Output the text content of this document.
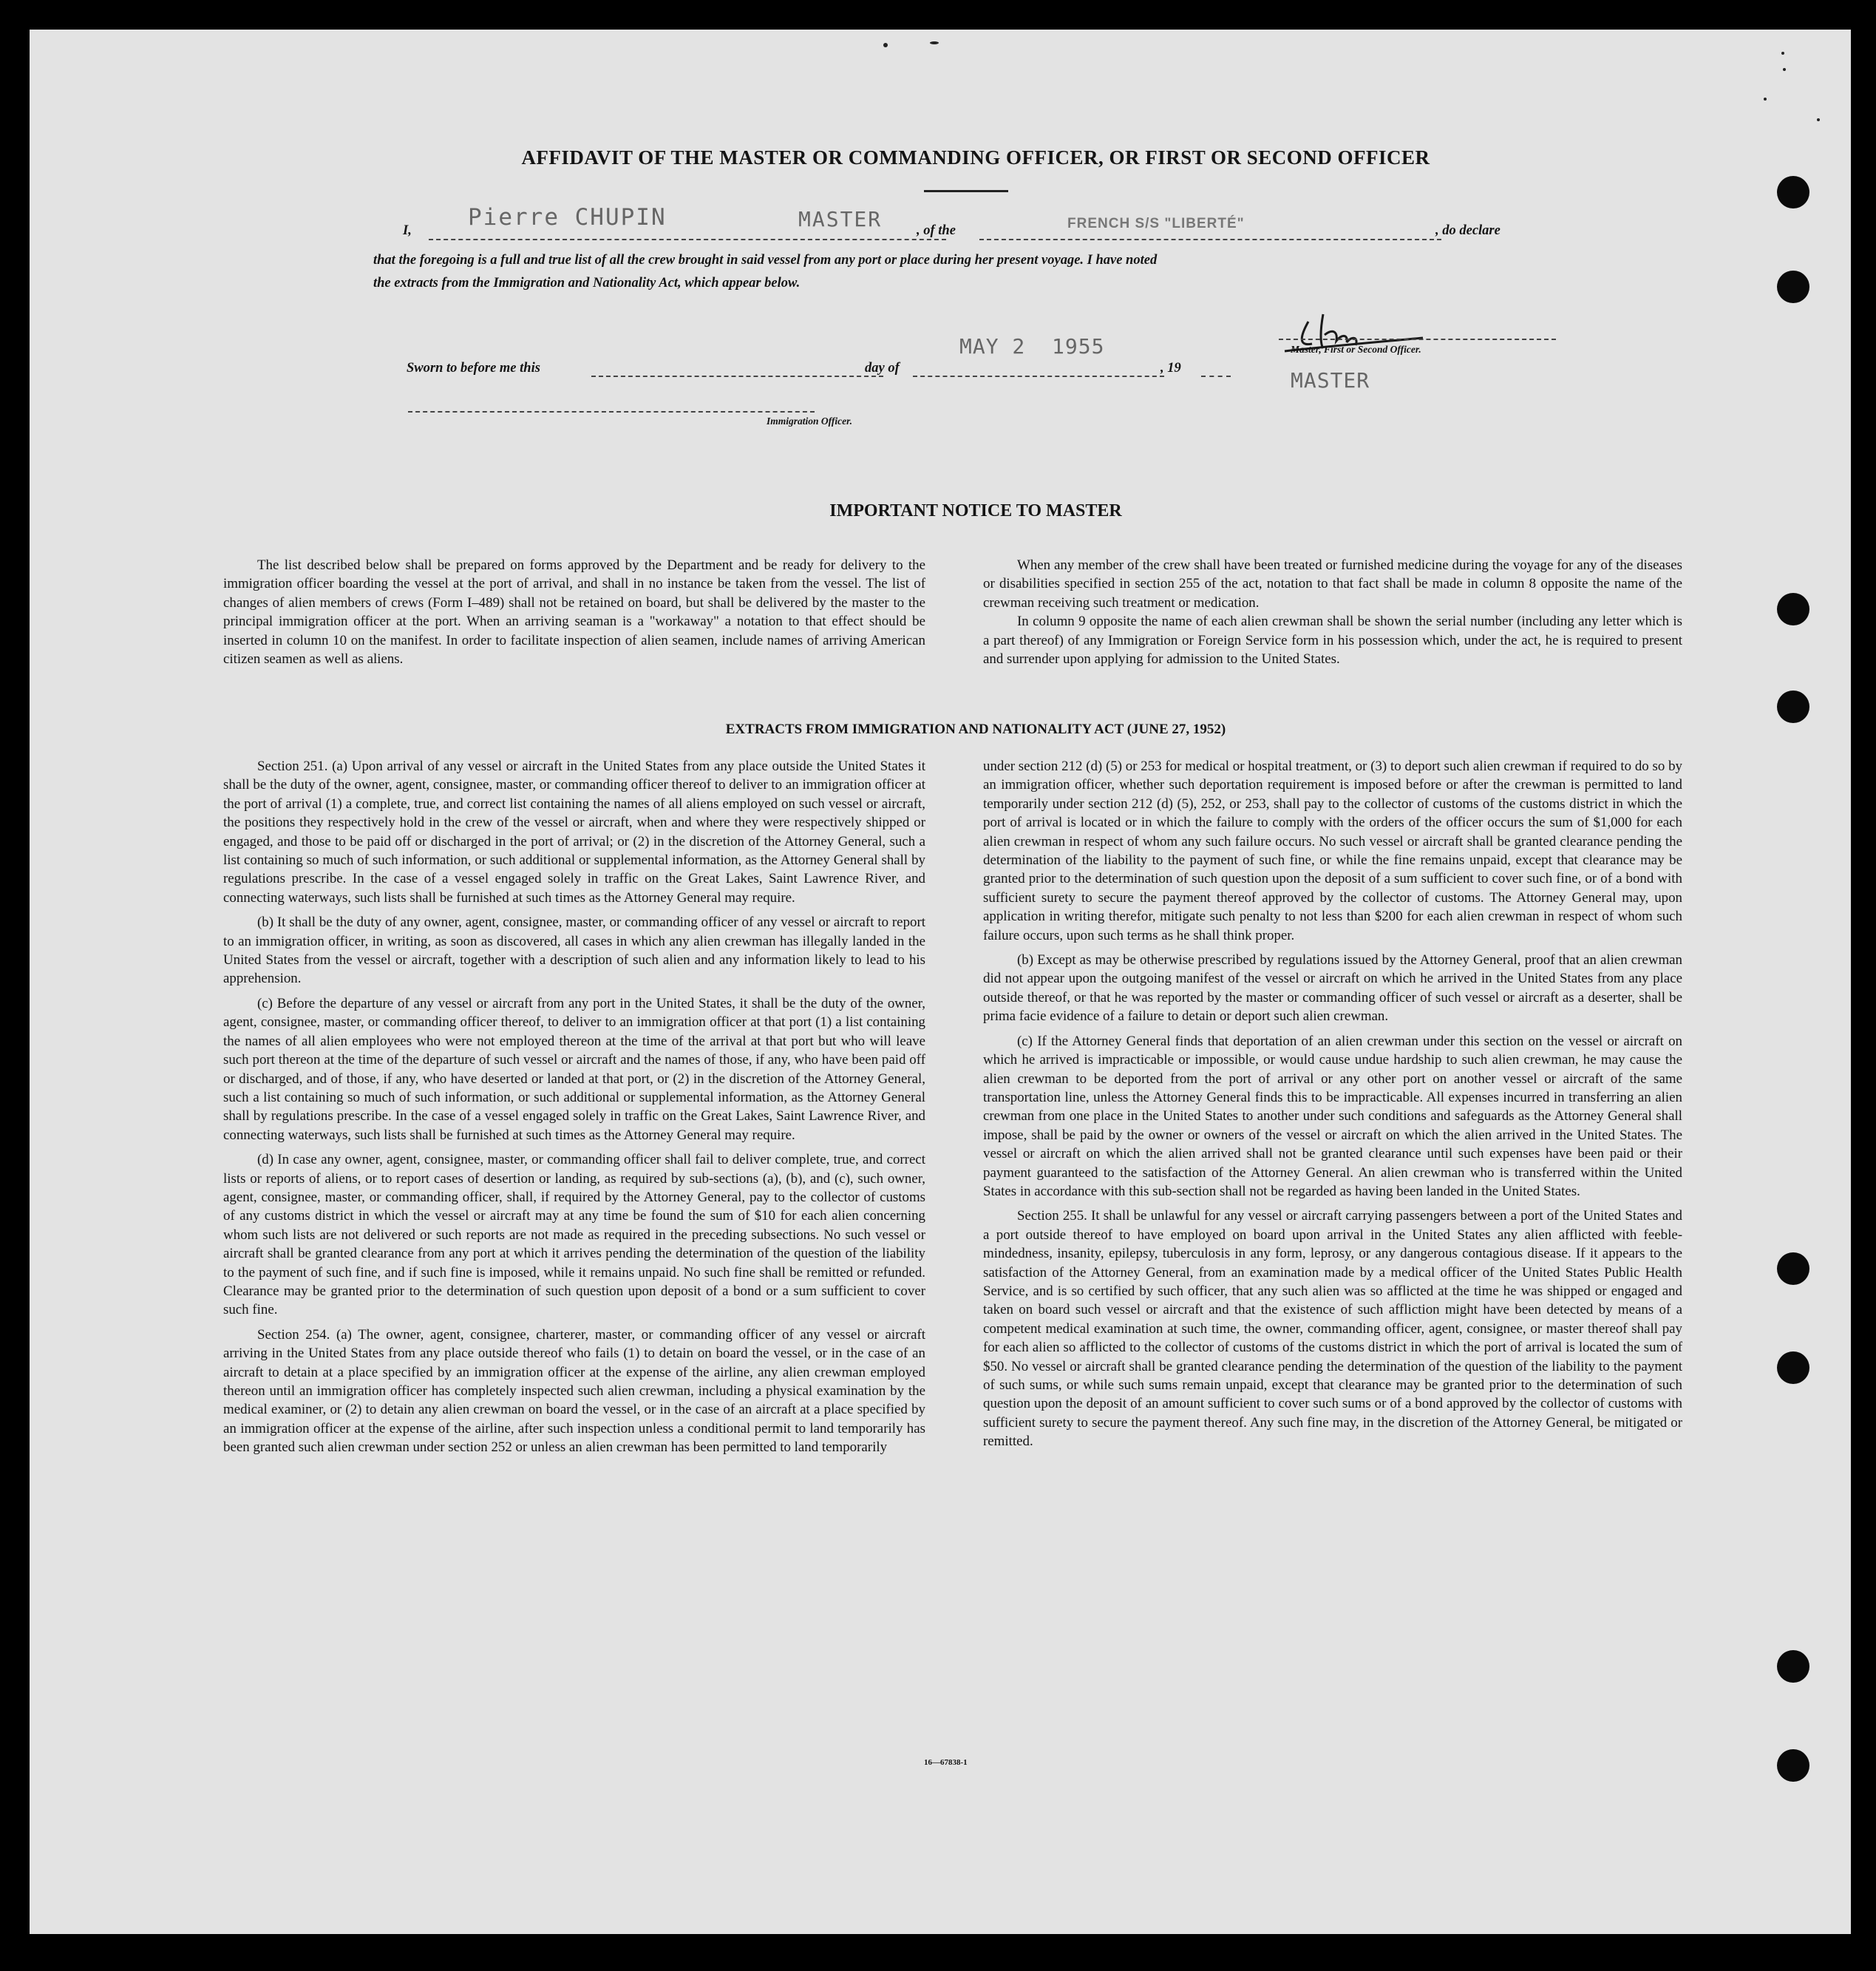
AFFIDAVIT OF THE MASTER OR COMMANDING OFFICER, OR FIRST OR SECOND OFFICER
I, Pierre CHUPIN	MASTER	, of the	FRENCH S/S "LIBERTÉ"	, do declare
that the foregoing is a full and true list of all the crew brought in said vessel from any port or place during her present voyage. I have noted
the extracts from the Immigration and Nationality Act, which appear below.
Master, First or Second Officer.
MASTER
Sworn to before me this	day of
MAY 2  1955
, 19
Immigration Officer.
IMPORTANT NOTICE TO MASTER

The list described below shall be prepared on forms approved by the Department and be ready for delivery to the immigration officer boarding the vessel at the port of arrival, and shall in no instance be taken from the vessel. The list of changes of alien members of crews (Form I–489) shall not be retained on board, but shall be delivered by the master to the principal immigration officer at the port. When an arriving seaman is a "workaway" a notation to that effect should be inserted in column 10 on the manifest. In order to facilitate inspection of alien seamen, include names of arriving American citizen seamen as well as aliens.

When any member of the crew shall have been treated or furnished medicine during the voyage for any of the diseases or disabilities specified in section 255 of the act, notation to that fact shall be made in column 8 opposite the name of the crewman receiving such treatment or medication.

In column 9 opposite the name of each alien crewman shall be shown the serial number (including any letter which is a part thereof) of any Immigration or Foreign Service form in his possession which, under the act, he is required to present and surrender upon applying for admission to the United States.

EXTRACTS FROM IMMIGRATION AND NATIONALITY ACT (JUNE 27, 1952)

Section 251. (a) Upon arrival of any vessel or aircraft in the United States from any place outside the United States it shall be the duty of the owner, agent, consignee, master, or commanding officer thereof to deliver to an immigration officer at the port of arrival (1) a complete, true, and correct list containing the names of all aliens employed on such vessel or aircraft, the positions they respectively hold in the crew of the vessel or aircraft, when and where they were respectively shipped or engaged, and those to be paid off or discharged in the port of arrival; or (2) in the discretion of the Attorney General, such a list containing so much of such information, or such additional or supplemental information, as the Attorney General shall by regulations prescribe. In the case of a vessel engaged solely in traffic on the Great Lakes, Saint Lawrence River, and connecting waterways, such lists shall be furnished at such times as the Attorney General may require.

(b) It shall be the duty of any owner, agent, consignee, master, or commanding officer of any vessel or aircraft to report to an immigration officer, in writing, as soon as discovered, all cases in which any alien crewman has illegally landed in the United States from the vessel or aircraft, together with a description of such alien and any information likely to lead to his apprehension.

(c) Before the departure of any vessel or aircraft from any port in the United States, it shall be the duty of the owner, agent, consignee, master, or commanding officer thereof, to deliver to an immigration officer at that port (1) a list containing the names of all alien employees who were not employed thereon at the time of the arrival at that port but who will leave such port thereon at the time of the departure of such vessel or aircraft and the names of those, if any, who have been paid off or discharged, and of those, if any, who have deserted or landed at that port, or (2) in the discretion of the Attorney General, such a list containing so much of such information, or such additional or supplemental information, as the Attorney General shall by regulations prescribe. In the case of a vessel engaged solely in traffic on the Great Lakes, Saint Lawrence River, and connecting waterways, such lists shall be furnished at such times as the Attorney General may require.

(d) In case any owner, agent, consignee, master, or commanding officer shall fail to deliver complete, true, and correct lists or reports of aliens, or to report cases of desertion or landing, as required by sub-sections (a), (b), and (c), such owner, agent, consignee, master, or commanding officer, shall, if required by the Attorney General, pay to the collector of customs of any customs district in which the vessel or aircraft may at any time be found the sum of $10 for each alien concerning whom such lists are not delivered or such reports are not made as required in the preceding subsections. No such vessel or aircraft shall be granted clearance from any port at which it arrives pending the determination of the question of the liability to the payment of such fine, and if such fine is imposed, while it remains unpaid. No such fine shall be remitted or refunded. Clearance may be granted prior to the determination of such question upon deposit of a bond or a sum sufficient to cover such fine.

Section 254. (a) The owner, agent, consignee, charterer, master, or commanding officer of any vessel or aircraft arriving in the United States from any place outside thereof who fails (1) to detain on board the vessel, or in the case of an aircraft to detain at a place specified by an immigration officer at the expense of the airline, any alien crewman employed thereon until an immigration officer has completely inspected such alien crewman, including a physical examination by the medical examiner, or (2) to detain any alien crewman on board the vessel, or in the case of an aircraft at a place specified by an immigration officer at the expense of the airline, after such inspection unless a conditional permit to land temporarily has been granted such alien crewman under section 252 or unless an alien crewman has been permitted to land temporarily

under section 212 (d) (5) or 253 for medical or hospital treatment, or (3) to deport such alien crewman if required to do so by an immigration officer, whether such deportation requirement is imposed before or after the crewman is permitted to land temporarily under section 212 (d) (5), 252, or 253, shall pay to the collector of customs of the customs district in which the port of arrival is located or in which the failure to comply with the orders of the officer occurs the sum of $1,000 for each alien crewman in respect of whom any such failure occurs. No such vessel or aircraft shall be granted clearance pending the determination of the liability to the payment of such fine, or while the fine remains unpaid, except that clearance may be granted prior to the determination of such question upon the deposit of a sum sufficient to cover such fine, or of a bond with sufficient surety to secure the payment thereof approved by the collector of customs. The Attorney General may, upon application in writing therefor, mitigate such penalty to not less than $200 for each alien crewman in respect of whom such failure occurs, upon such terms as he shall think proper.

(b) Except as may be otherwise prescribed by regulations issued by the Attorney General, proof that an alien crewman did not appear upon the outgoing manifest of the vessel or aircraft on which he arrived in the United States from any place outside thereof, or that he was reported by the master or commanding officer of such vessel or aircraft as a deserter, shall be prima facie evidence of a failure to detain or deport such alien crewman.

(c) If the Attorney General finds that deportation of an alien crewman under this section on the vessel or aircraft on which he arrived is impracticable or impossible, or would cause undue hardship to such alien crewman, he may cause the alien crewman to be deported from the port of arrival or any other port on another vessel or aircraft of the same transportation line, unless the Attorney General finds this to be impracticable. All expenses incurred in transferring an alien crewman from one place in the United States to another under such conditions and safeguards as the Attorney General shall impose, shall be paid by the owner or owners of the vessel or aircraft on which the alien arrived in the United States. The vessel or aircraft on which the alien arrived shall not be granted clearance until such expenses have been paid or their payment guaranteed to the satisfaction of the Attorney General. An alien crewman who is transferred within the United States in accordance with this sub-section shall not be regarded as having been landed in the United States.

Section 255. It shall be unlawful for any vessel or aircraft carrying passengers between a port of the United States and a port outside thereof to have employed on board upon arrival in the United States any alien afflicted with feeble-mindedness, insanity, epilepsy, tuberculosis in any form, leprosy, or any dangerous contagious disease. If it appears to the satisfaction of the Attorney General, from an examination made by a medical officer of the United States Public Health Service, and is so certified by such officer, that any such alien was so afflicted at the time he was shipped or engaged and taken on board such vessel or aircraft and that the existence of such affliction might have been detected by means of a competent medical examination at such time, the owner, commanding officer, agent, consignee, or master thereof shall pay for each alien so afflicted to the collector of customs of the customs district in which the port of arrival is located the sum of $50. No vessel or aircraft shall be granted clearance pending the determination of the question of the liability to the payment of such sums, or while such sums remain unpaid, except that clearance may be granted prior to the determination of such question upon the deposit of an amount sufficient to cover such sums or of a bond approved by the collector of customs with sufficient surety to secure the payment thereof. Any such fine may, in the discretion of the Attorney General, be mitigated or remitted.

16—67838-1
